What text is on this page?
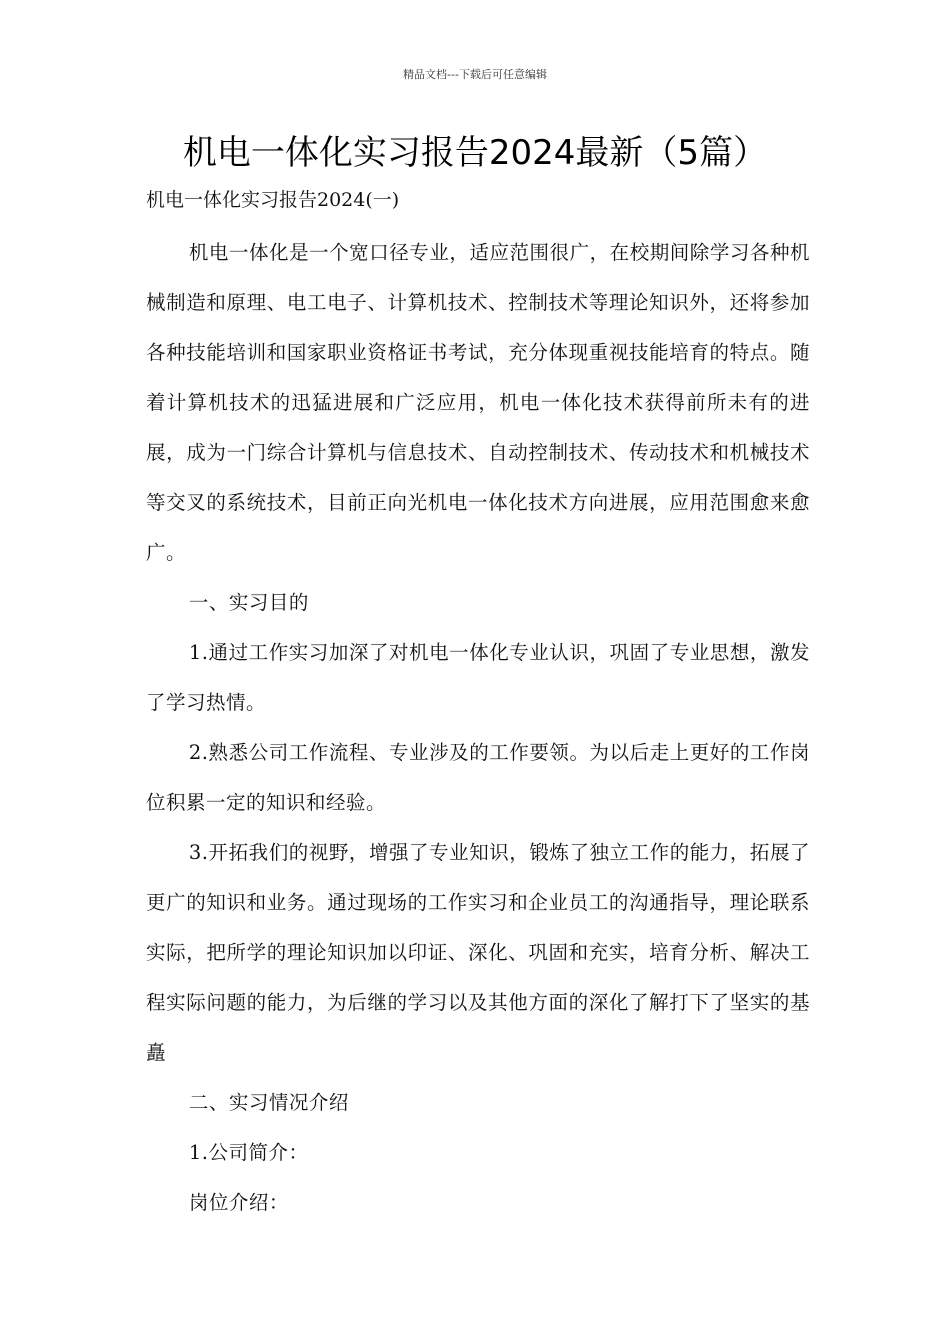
精品文档---下载后可任意编辑
机电一体化实习报告2024最新（5篇）
机电一体化实习报告2024(一)

机电一体化是一个宽口径专业，适应范围很广，在校期间除学习各种机械制造和原理、电工电子、计算机技术、控制技术等理论知识外，还将参加各种技能培训和国家职业资格证书考试，充分体现重视技能培育的特点。随着计算机技术的迅猛进展和广泛应用，机电一体化技术获得前所未有的进展，成为一门综合计算机与信息技术、自动控制技术、传动技术和机械技术等交叉的系统技术，目前正向光机电一体化技术方向进展，应用范围愈来愈广。

一、实习目的

1.通过工作实习加深了对机电一体化专业认识，巩固了专业思想，激发了学习热情。

2.熟悉公司工作流程、专业涉及的工作要领。为以后走上更好的工作岗位积累一定的知识和经验。

3.开拓我们的视野，增强了专业知识，锻炼了独立工作的能力，拓展了更广的知识和业务。通过现场的工作实习和企业员工的沟通指导，理论联系实际，把所学的理论知识加以印证、深化、巩固和充实，培育分析、解决工程实际问题的能力，为后继的学习以及其他方面的深化了解打下了坚实的基矗

二、实习情况介绍

1.公司简介：

岗位介绍：
